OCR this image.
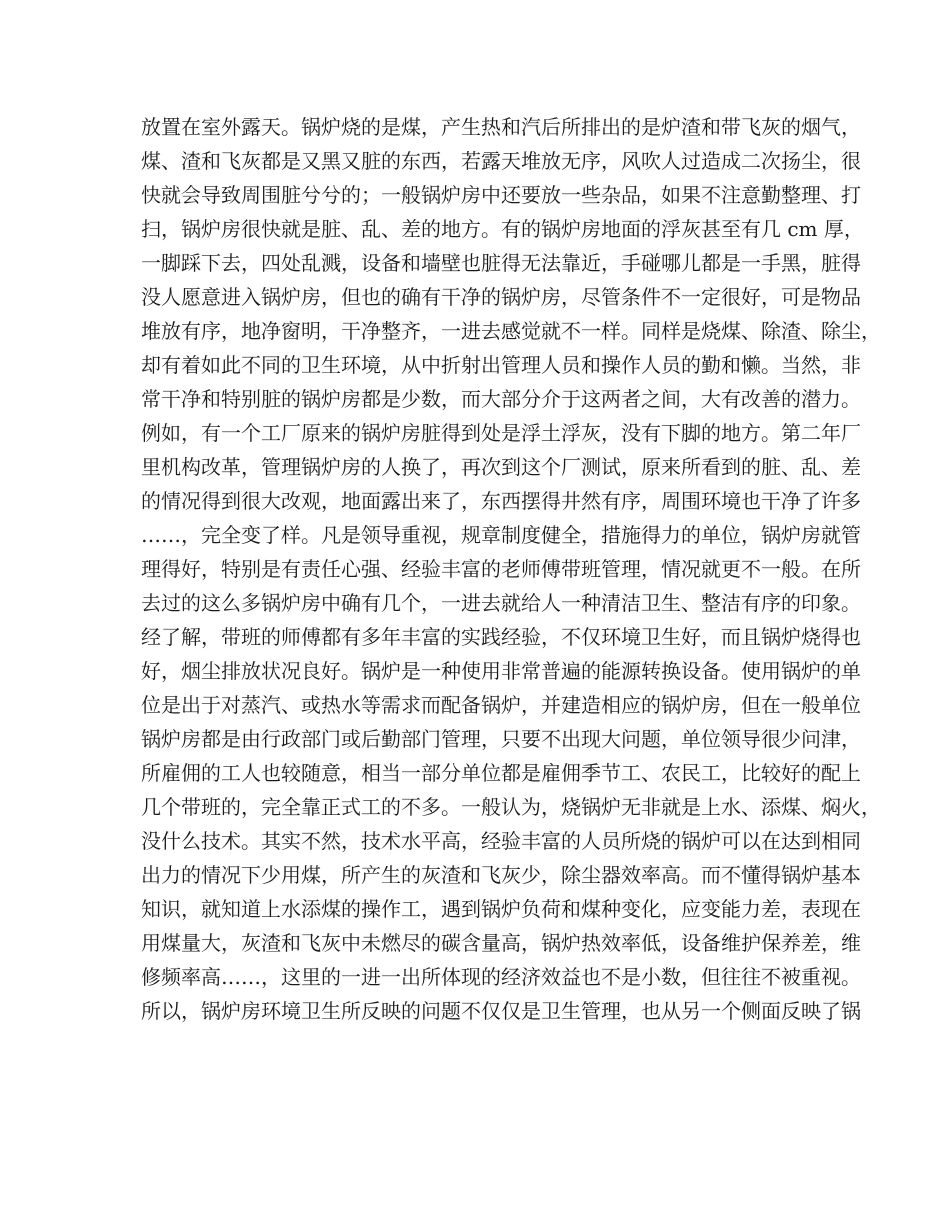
放置在室外露天。锅炉烧的是煤，产生热和汽后所排出的是炉渣和带飞灰的烟气，
煤、渣和飞灰都是又黑又脏的东西，若露天堆放无序，风吹人过造成二次扬尘，很
快就会导致周围脏兮兮的；一般锅炉房中还要放一些杂品，如果不注意勤整理、打
扫，锅炉房很快就是脏、乱、差的地方。有的锅炉房地面的浮灰甚至有几 cm 厚，
一脚踩下去，四处乱溅，设备和墙壁也脏得无法靠近，手碰哪儿都是一手黑，脏得
没人愿意进入锅炉房，但也的确有干净的锅炉房，尽管条件不一定很好，可是物品
堆放有序，地净窗明，干净整齐，一进去感觉就不一样。同样是烧煤、除渣、除尘，
却有着如此不同的卫生环境，从中折射出管理人员和操作人员的勤和懒。当然，非
常干净和特别脏的锅炉房都是少数，而大部分介于这两者之间，大有改善的潜力。
例如，有一个工厂原来的锅炉房脏得到处是浮土浮灰，没有下脚的地方。第二年厂
里机构改革，管理锅炉房的人换了，再次到这个厂测试，原来所看到的脏、乱、差
的情况得到很大改观，地面露出来了，东西摆得井然有序，周围环境也干净了许多
……，完全变了样。凡是领导重视，规章制度健全，措施得力的单位，锅炉房就管
理得好，特别是有责任心强、经验丰富的老师傅带班管理，情况就更不一般。在所
去过的这么多锅炉房中确有几个，一进去就给人一种清洁卫生、整洁有序的印象。
经了解，带班的师傅都有多年丰富的实践经验，不仅环境卫生好，而且锅炉烧得也
好，烟尘排放状况良好。锅炉是一种使用非常普遍的能源转换设备。使用锅炉的单
位是出于对蒸汽、或热水等需求而配备锅炉，并建造相应的锅炉房，但在一般单位
锅炉房都是由行政部门或后勤部门管理，只要不出现大问题，单位领导很少问津，
所雇佣的工人也较随意，相当一部分单位都是雇佣季节工、农民工，比较好的配上
几个带班的，完全靠正式工的不多。一般认为，烧锅炉无非就是上水、添煤、焖火，
没什么技术。其实不然，技术水平高，经验丰富的人员所烧的锅炉可以在达到相同
出力的情况下少用煤，所产生的灰渣和飞灰少，除尘器效率高。而不懂得锅炉基本
知识，就知道上水添煤的操作工，遇到锅炉负荷和煤种变化，应变能力差，表现在
用煤量大，灰渣和飞灰中未燃尽的碳含量高，锅炉热效率低，设备维护保养差，维
修频率高……，这里的一进一出所体现的经济效益也不是小数，但往往不被重视。
所以，锅炉房环境卫生所反映的问题不仅仅是卫生管理，也从另一个侧面反映了锅
